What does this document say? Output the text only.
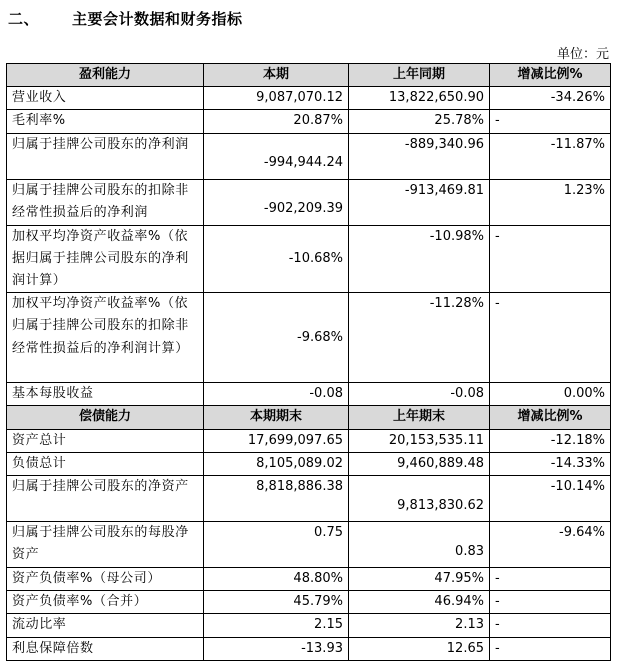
二、 主要会计数据和财务指标
单位：元
盈利能力	本期	上年同期	增减比例%
营业收入	9,087,070.12	13,822,650.90	-34.26%
毛利率%	20.87%	25.78%	-
归属于挂牌公司股东的净利润	-994,944.24	-889,340.96	-11.87%
归属于挂牌公司股东的扣除非经常性损益后的净利润	-902,209.39	-913,469.81	1.23%
加权平均净资产收益率%（依据归属于挂牌公司股东的净利润计算）	-10.68%	-10.98%	-
加权平均净资产收益率%（依归属于挂牌公司股东的扣除非经常性损益后的净利润计算）	-9.68%	-11.28%	-
基本每股收益	-0.08	-0.08	0.00%
偿债能力	本期期末	上年期末	增减比例%
资产总计	17,699,097.65	20,153,535.11	-12.18%
负债总计	8,105,089.02	9,460,889.48	-14.33%
归属于挂牌公司股东的净资产	8,818,886.38	9,813,830.62	-10.14%
归属于挂牌公司股东的每股净资产	0.75	0.83	-9.64%
资产负债率%（母公司）	48.80%	47.95%	-
资产负债率%（合并）	45.79%	46.94%	-
流动比率	2.15	2.13	-
利息保障倍数	-13.93	12.65	-
